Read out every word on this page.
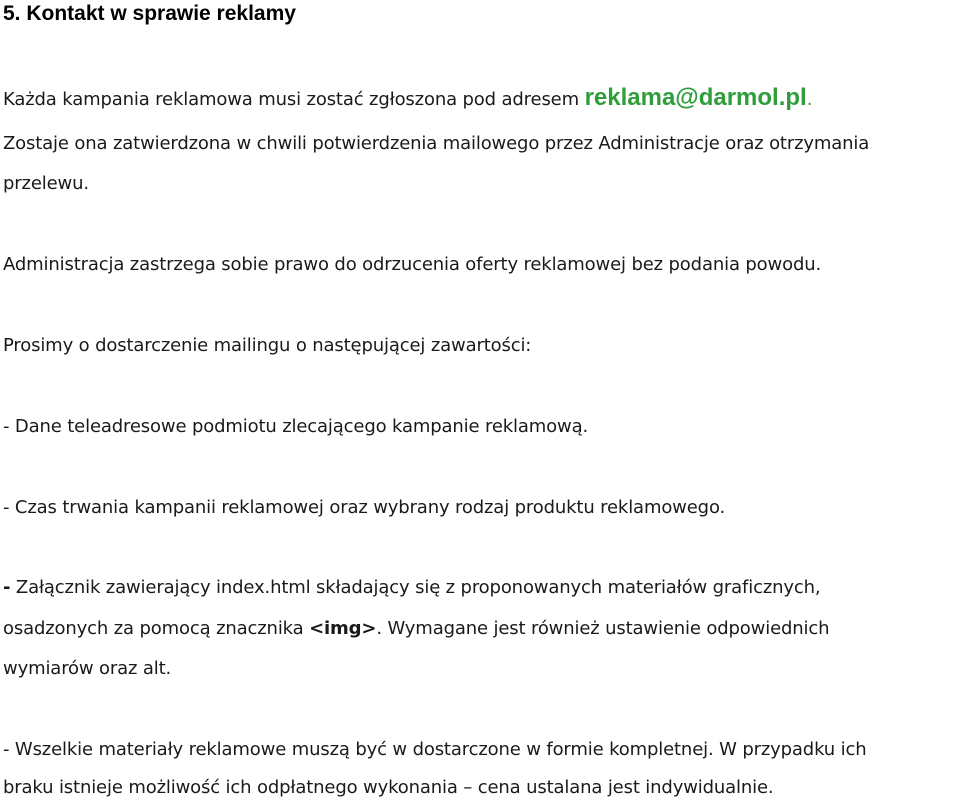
5. Kontakt w sprawie reklamy

Każda kampania reklamowa musi zostać zgłoszona pod adresem reklama@darmol.pl.

Zostaje ona zatwierdzona w chwili potwierdzenia mailowego przez Administracje oraz otrzymania

przelewu.

Administracja zastrzega sobie prawo do odrzucenia oferty reklamowej bez podania powodu.

Prosimy o dostarczenie mailingu o następującej zawartości:

- Dane teleadresowe podmiotu zlecającego kampanie reklamową.

- Czas trwania kampanii reklamowej oraz wybrany rodzaj produktu reklamowego.

- Załącznik zawierający index.html składający się z proponowanych materiałów graficznych,

osadzonych za pomocą znacznika <img>. Wymagane jest również ustawienie odpowiednich

wymiarów oraz alt.

- Wszelkie materiały reklamowe muszą być w dostarczone w formie kompletnej. W przypadku ich

braku istnieje możliwość ich odpłatnego wykonania – cena ustalana jest indywidualnie.
